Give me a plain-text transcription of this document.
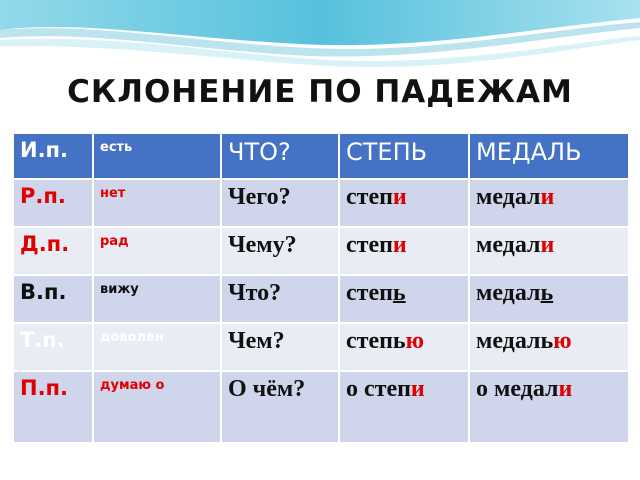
СКЛОНЕНИЕ ПО ПАДЕЖАМ
И.п.	есть	ЧТО?	СТЕПЬ	МЕДАЛЬ
Р.п.	нет	Чего?	степи	медали
Д.п.	рад	Чему?	степи	медали
В.п.	вижу	Что?	степь	медаль
Т.п.	доволен	Чем?	степью	медалью
П.п.	думаю о	О чём?	о степи	о медали
